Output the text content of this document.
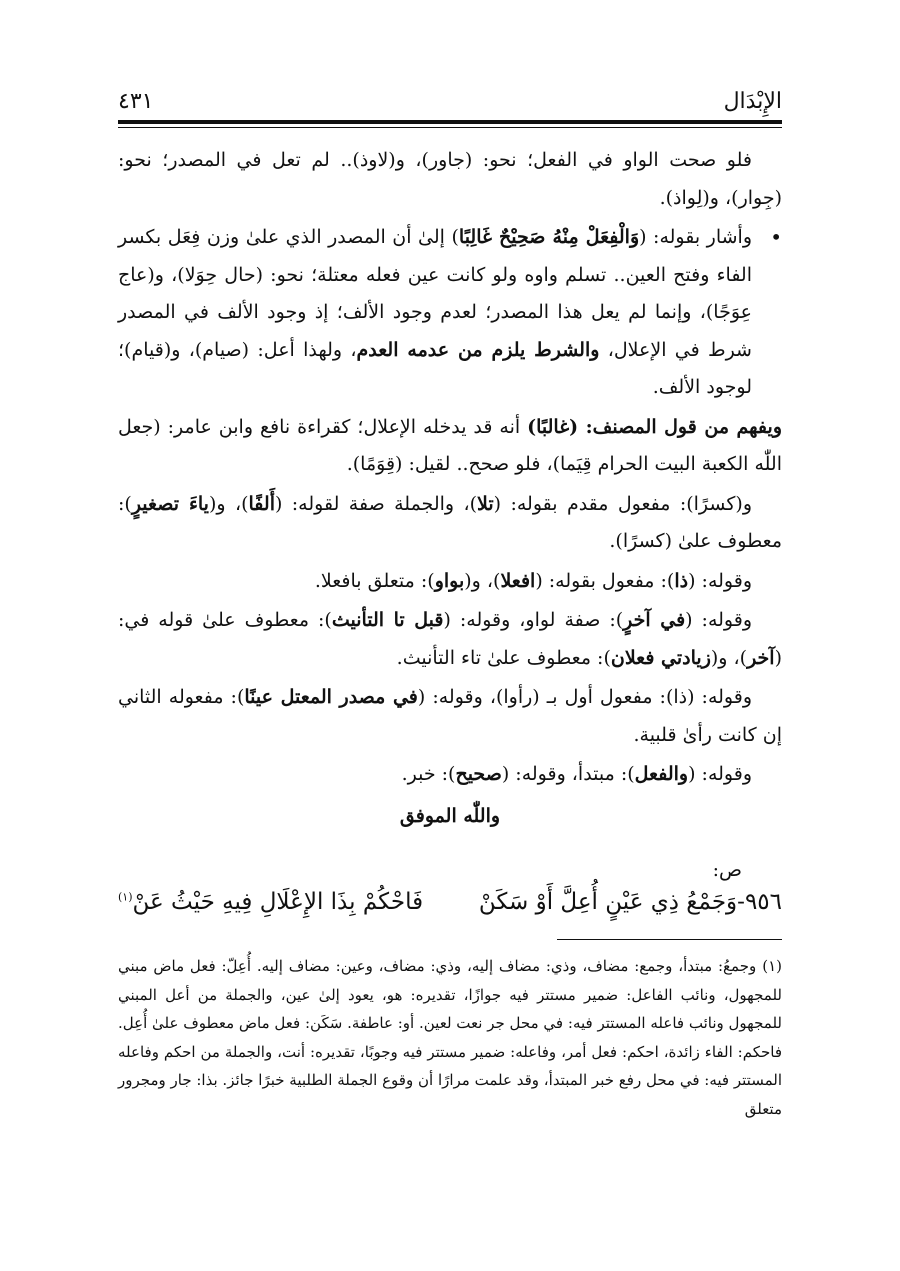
الإِبْدَال
٤٣١

فلو صحت الواو في الفعل؛ نحو: (جاور)، و(لاوذ).. لم تعل في المصدر؛ نحو: (جِوار)، و(لِواذ).

•
وأشار بقوله: (وَالْفِعَلْ مِنْهُ صَحِيْحٌ غَالِبًا) إلىٰ أن المصدر الذي علىٰ وزن فِعَل بكسر الفاء وفتح العين.. تسلم واوه ولو كانت عين فعله معتلة؛ نحو: (حال حِوَلا)، و(عاج عِوَجًا)، وإنما لم يعل هذا المصدر؛ لعدم وجود الألف؛ إذ وجود الألف في المصدر شرط في الإعلال، والشرط يلزم من عدمه العدم، ولهذا أعل: (صيام)، و(قيام)؛ لوجود الألف.

ويفهم من قول المصنف: (غالبًا) أنه قد يدخله الإعلال؛ كقراءة نافع وابن عامر: (جعل اللّٰه الكعبة البيت الحرام قِيَما)، فلو صحح.. لقيل: (قِوَمًا).

و(كسرًا): مفعول مقدم بقوله: (تلا)، والجملة صفة لقوله: (أَلفًا)، و(ياءَ تصغيرٍ): معطوف علىٰ (كسرًا).

وقوله: (ذا): مفعول بقوله: (افعلا)، و(بواو): متعلق بافعلا.

وقوله: (في آخرٍ): صفة لواو، وقوله: (قبل تا التأنيث): معطوف علىٰ قوله في: (آخر)، و(زيادتي فعلان): معطوف علىٰ تاء التأنيث.

وقوله: (ذا): مفعول أول بـ (رأوا)، وقوله: (في مصدر المعتل عينًا): مفعوله الثاني إن كانت رأىٰ قلبية.

وقوله: (والفعل): مبتدأ، وقوله: (صحيح): خبر.

واللّٰه الموفق
ص:
٩٥٦-وَجَمْعُ ذِي عَيْنٍ أُعِلَّ أَوْ سَكَنْ
فَاحْكُمْ بِذَا الإِعْلَالِ فِيهِ حَيْثُ عَنْ$^{(١)}$
(١)وجمعُ: مبتدأ، وجمع: مضاف، وذي: مضاف إليه، وذي: مضاف، وعين: مضاف إليه. أُعِلّ: فعل ماض مبني للمجهول، ونائب الفاعل: ضمير مستتر فيه جوازًا، تقديره: هو، يعود إلىٰ عين، والجملة من أعل المبني للمجهول ونائب فاعله المستتر فيه: في محل جر نعت لعين. أو: عاطفة. سَكَن: فعل ماض معطوف علىٰ أُعِل. فاحكم: الفاء زائدة، احكم: فعل أمر، وفاعله: ضمير مستتر فيه وجوبًا، تقديره: أنت، والجملة من احكم وفاعله المستتر فيه: في محل رفع خبر المبتدأ، وقد علمت مرارًا أن وقوع الجملة الطلبية خبرًا جائز. بذا: جار ومجرور متعلق
